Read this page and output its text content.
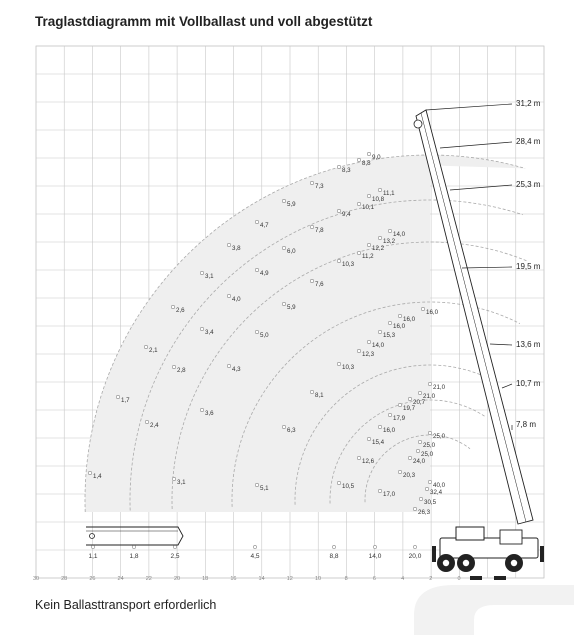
Traglastdiagramm mit Vollballast und voll abgestützt
1,4
1,7
2,1
2,6
3,1
3,8
4,7
5,9
7,3
8,3
8,8
9,0
3,1
2,4
2,8
3,4
4,0
4,9
6,0
7,8
9,4
10,1
10,8
11,1
3,6
4,3
5,0
5,9
7,6
10,3
11,2
12,2
13,2
14,0
5,1
6,3
8,1
10,3
12,3
14,0
15,3
16,0
16,0
16,0
10,5
12,6
15,4
16,0
17,9
19,7
20,7
21,0
21,0
17,0
20,3
24,0
25,0
25,0
25,0
26,3
30,5
32,4
40,0
31,2 m
28,4 m
25,3 m
19,5 m
13,6 m
10,7 m
7,8 m
1,1	1,8	2,5	4,5	8,8	14,0	20,0
30	28	26	24	22	20	18	16	14	12	10	8	6	4	2	0
Kein Ballasttransport erforderlich
